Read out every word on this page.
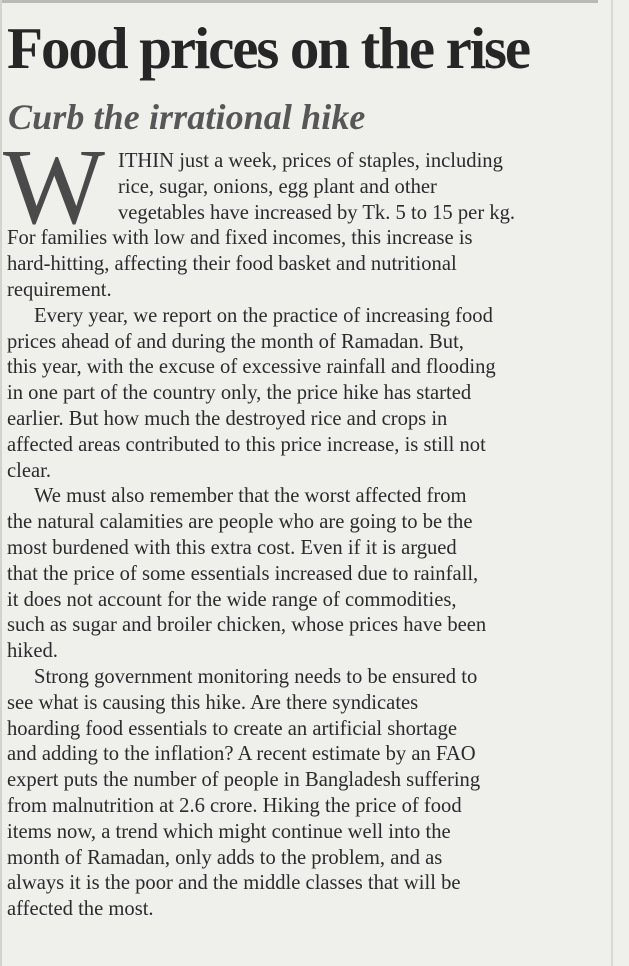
Food prices on the rise
Curb the irrational hike
W ITHIN just a week, prices of staples, including
rice, sugar, onions, egg plant and other
vegetables have increased by Tk. 5 to 15 per kg.
For families with low and fixed incomes, this increase is
hard-hitting, affecting their food basket and nutritional
requirement.
Every year, we report on the practice of increasing food
prices ahead of and during the month of Ramadan. But,
this year, with the excuse of excessive rainfall and flooding
in one part of the country only, the price hike has started
earlier. But how much the destroyed rice and crops in
affected areas contributed to this price increase, is still not
clear.
We must also remember that the worst affected from
the natural calamities are people who are going to be the
most burdened with this extra cost. Even if it is argued
that the price of some essentials increased due to rainfall,
it does not account for the wide range of commodities,
such as sugar and broiler chicken, whose prices have been
hiked.
Strong government monitoring needs to be ensured to
see what is causing this hike. Are there syndicates
hoarding food essentials to create an artificial shortage
and adding to the inflation? A recent estimate by an FAO
expert puts the number of people in Bangladesh suffering
from malnutrition at 2.6 crore. Hiking the price of food
items now, a trend which might continue well into the
month of Ramadan, only adds to the problem, and as
always it is the poor and the middle classes that will be
affected the most.
